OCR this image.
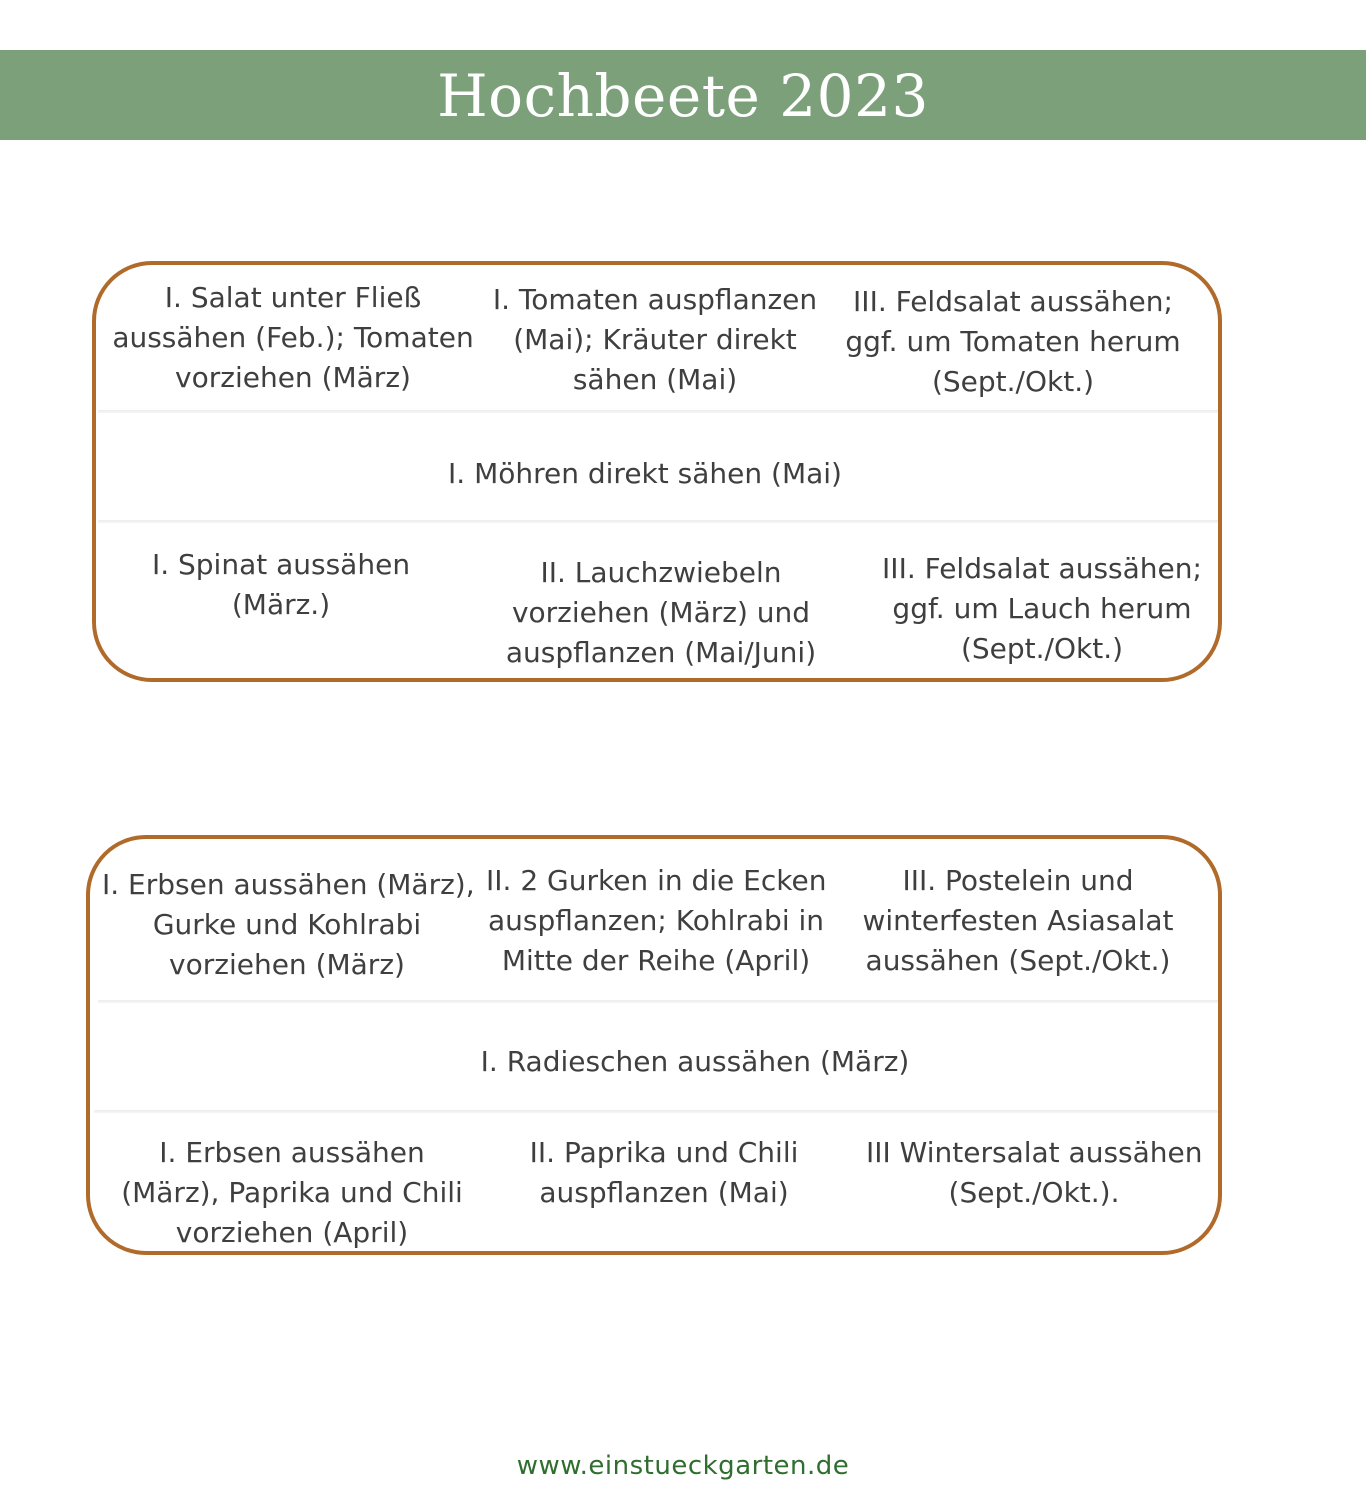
Hochbeete 2023
I. Salat unter Fließ
aussähen (Feb.); Tomaten
vorziehen (März)
I. Tomaten auspflanzen
(Mai); Kräuter direkt
sähen (Mai)
III. Feldsalat aussähen;
ggf. um Tomaten herum
(Sept./Okt.)
I. Möhren direkt sähen (Mai)
I. Spinat aussähen
(März.)
II. Lauchzwiebeln
vorziehen (März) und
auspflanzen (Mai/Juni)
III. Feldsalat aussähen;
ggf. um Lauch herum
(Sept./Okt.)
I. Erbsen aussähen (März),
Gurke und Kohlrabi
vorziehen (März)
II. 2 Gurken in die Ecken
auspflanzen; Kohlrabi in
Mitte der Reihe (April)
III. Postelein und
winterfesten Asiasalat
aussähen (Sept./Okt.)
I. Radieschen aussähen (März)
I. Erbsen aussähen
(März), Paprika und Chili
vorziehen (April)
II. Paprika und Chili
auspflanzen (Mai)
III Wintersalat aussähen
(Sept./Okt.).
www.einstueckgarten.de
